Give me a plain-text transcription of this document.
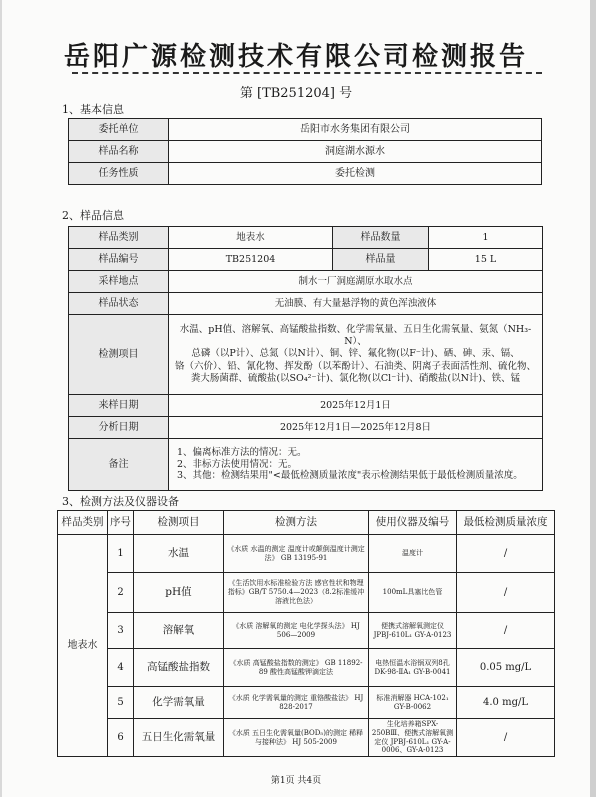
岳阳广源检测技术有限公司检测报告
第 [TB251204] 号
1、基本信息
委托单位	岳阳市水务集团有限公司
样品名称	洞庭湖水源水
任务性质	委托检测
2、样品信息
样品类别	地表水	样品数量	1
样品编号	TB251204	样品量	15 L
采样地点	制水一厂洞庭湖原水取水点		
样品状态	无油膜、有大量悬浮物的黄色浑浊液体		
检测项目	水温、pH值、溶解氧、高锰酸盐指数、化学需氧量、五日生化需氧量、氨氮（NH₃-N）、
总磷（以P计）、总氮（以N计）、铜、锌、氟化物(以F⁻计)、硒、砷、汞、镉、
铬（六价）、铅、氰化物、挥发酚（以苯酚计）、石油类、阴离子表面活性剂、硫化物、
粪大肠菌群、硫酸盐(以SO₄²⁻计)、氯化物(以Cl⁻计)、硝酸盐(以N计)、铁、锰		

来样日期	2025年12月1日		
分析日期	2025年12月1日—2025年12月8日		
备注	1、偏离标准方法的情况：无。
2、非标方法使用情况：无。
3、其他：检测结果用"<最低检测质量浓度"表示检测结果低于最低检测质量浓度。		
3、检测方法及仪器设备
样品类别	序号	检测项目	检测方法	使用仪器及编号	最低检测质量浓度
地表水	1	水温	《水质 水温的测定 温度计或颠倒温度计测定法》 GB 13195-91	温度计	/
	2	pH值	《生活饮用水标准检验方法 感官性状和物理指标》GB/T 5750.4—2023（8.2标准缓冲溶液比色法）	100mL具塞比色管	/
	3	溶解氧	《水质 溶解氧的测定 电化学探头法》 HJ 506—2009	便携式溶解氧测定仪 JPBJ-610L₁ GY-A-0123	/
	4	高锰酸盐指数	《水质 高锰酸盐指数的测定》 GB 11892-89 酸性高锰酸钾滴定法	电热恒温水浴锅双列8孔 DK-98-ⅡA₁ GY-B-0041	0.05 mg/L
	5	化学需氧量	《水质 化学需氧量的测定 重铬酸盐法》 HJ 828-2017	标准消解器 HCA-102₁ GY-B-0062	4.0 mg/L
	6	五日生化需氧量	《水质 五日生化需氧量(BOD₅)的测定 稀释与接种法》 HJ 505-2009	生化培养箱SPX-250BⅢ、便携式溶解氧测定仪 JPBJ-610L₁ GY-A-0006、GY-A-0123	/
第1页 共4页
